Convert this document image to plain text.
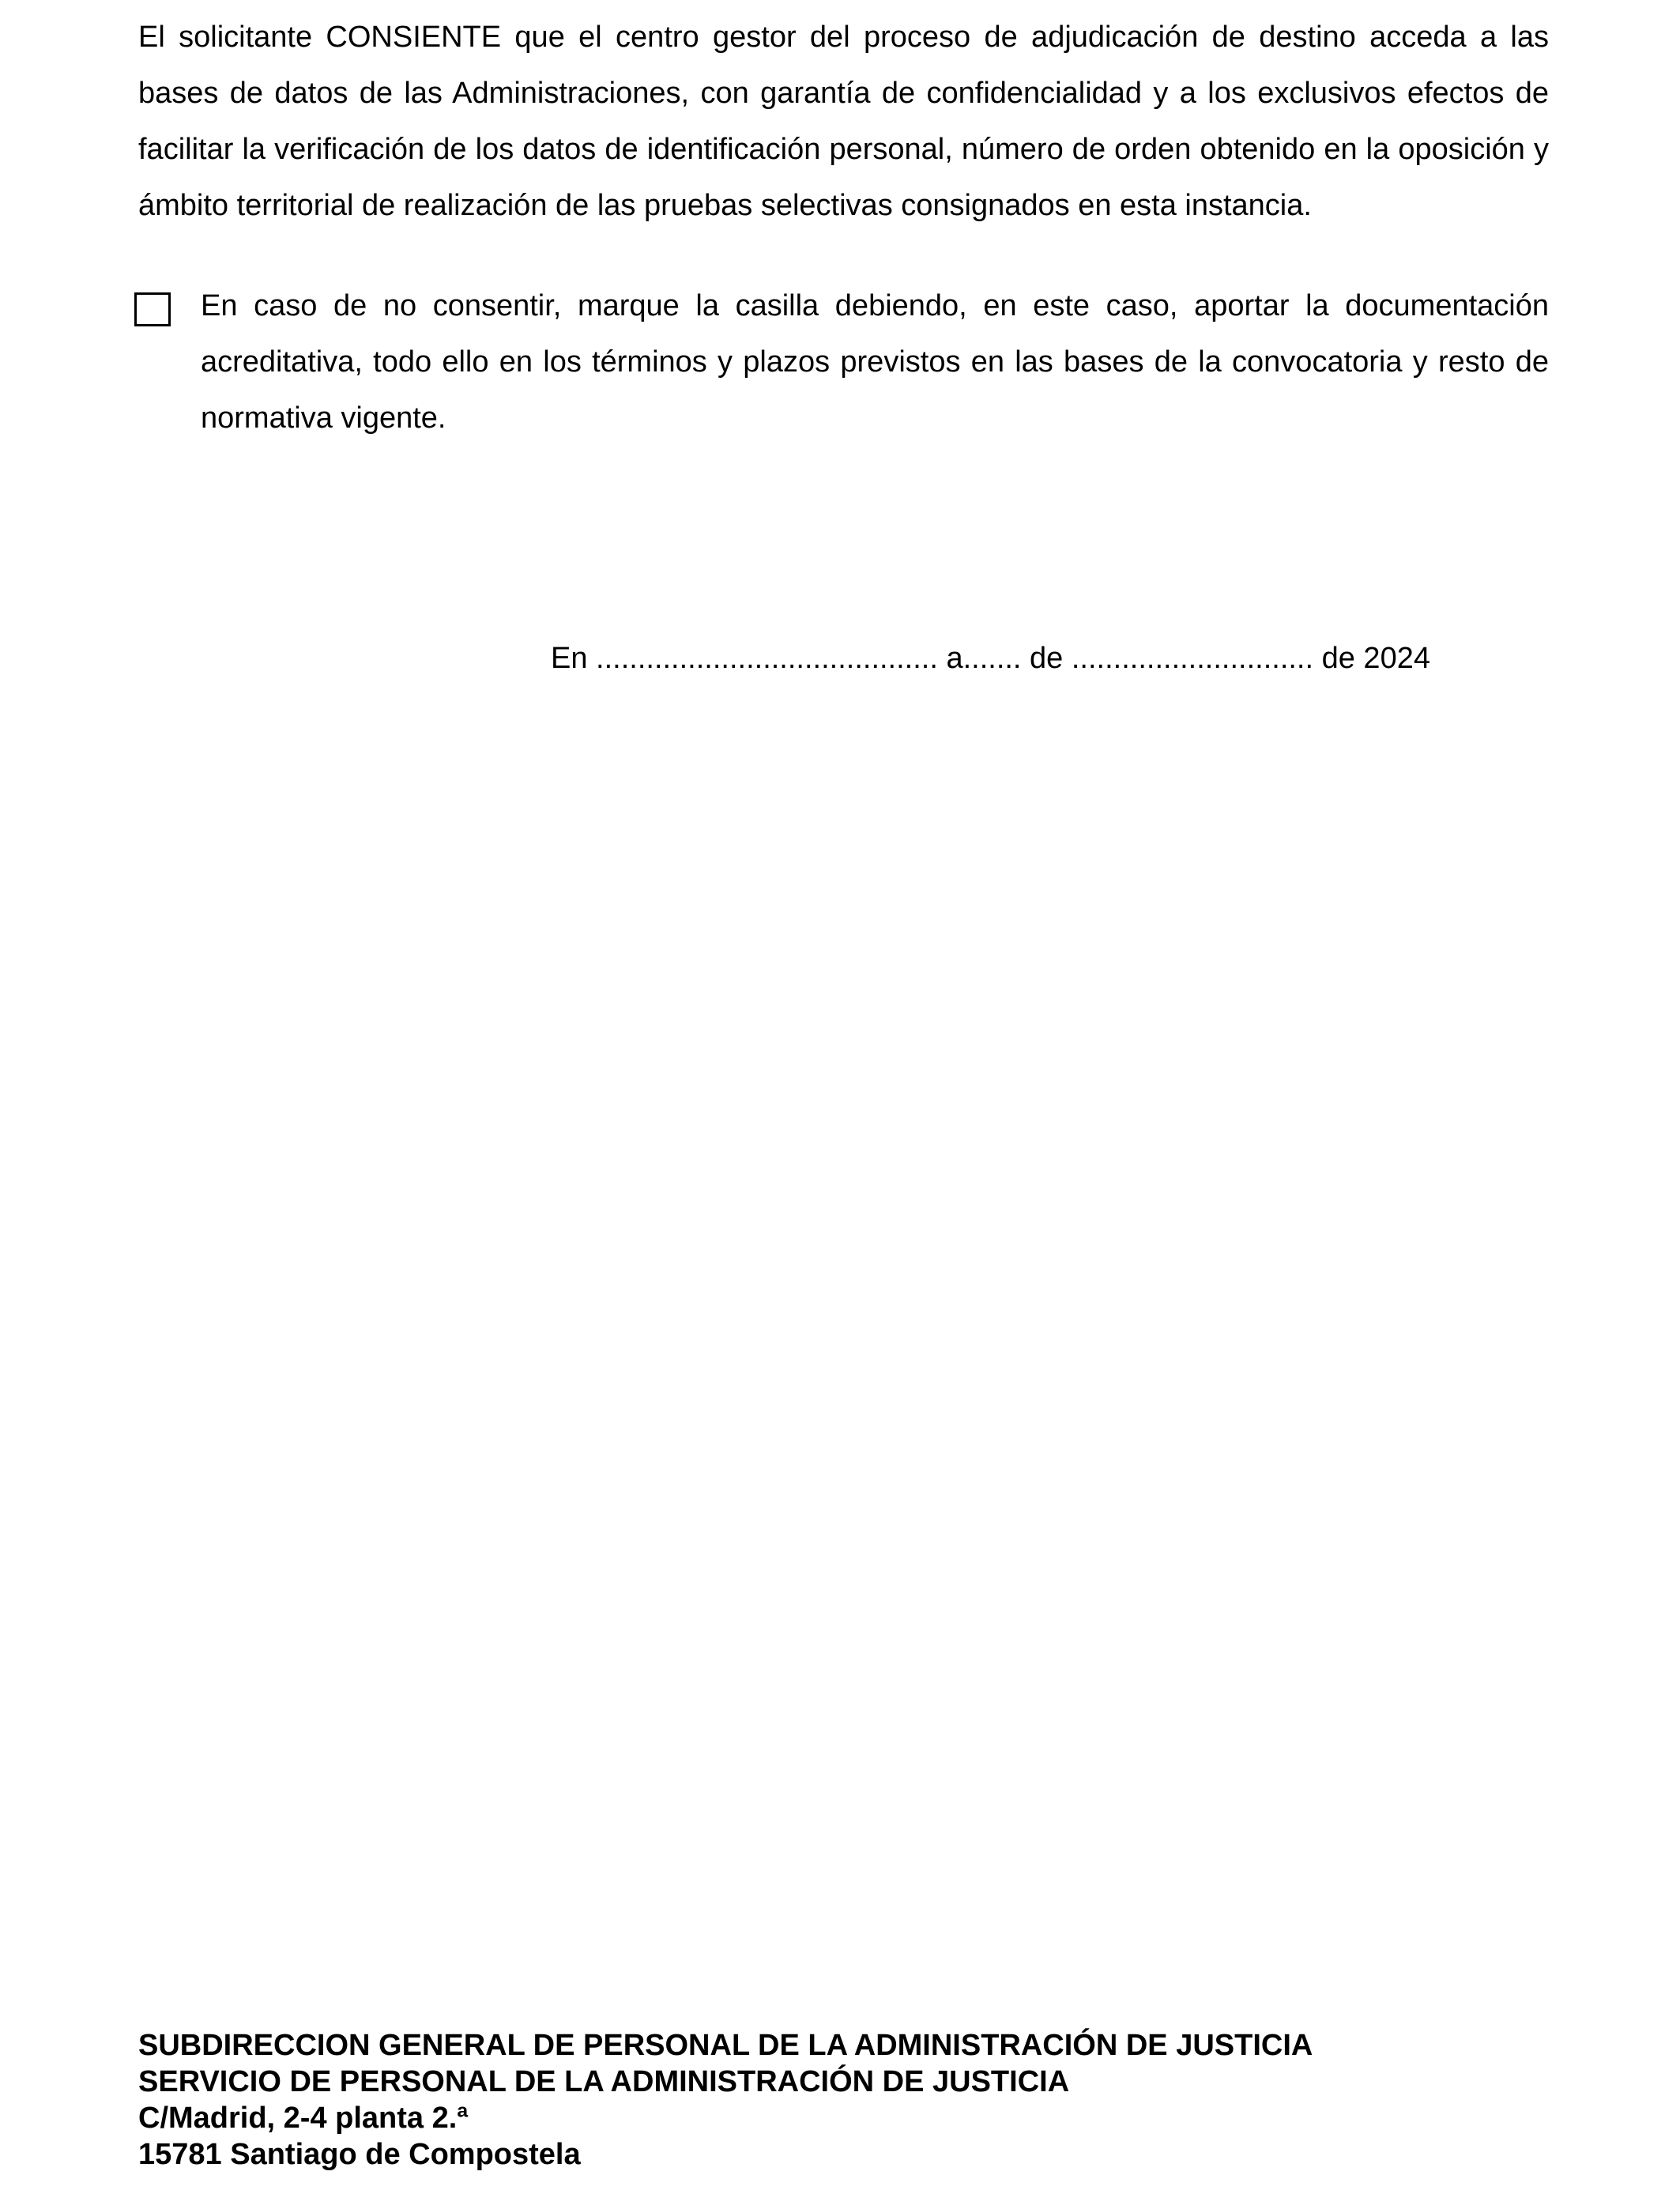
El solicitante CONSIENTE que el centro gestor del proceso de adjudicación de destino acceda a las bases de datos de las Administraciones, con garantía de confidencialidad y a los exclusivos efectos de facilitar la verificación de los datos de identificación personal, número de orden obtenido en la oposición y ámbito territorial de realización de las pruebas selectivas consignados en esta instancia.

En caso de no consentir, marque la casilla debiendo, en este caso, aportar la documentación acreditativa, todo ello en los términos y plazos previstos en las bases de la convocatoria y resto de normativa vigente.

En ......................................... a....... de ............................. de 2024

SUBDIRECCION GENERAL DE PERSONAL DE LA ADMINISTRACIÓN DE JUSTICIA
SERVICIO DE PERSONAL DE LA ADMINISTRACIÓN DE JUSTICIA
C/Madrid, 2-4 planta 2.ª
15781 Santiago de Compostela
